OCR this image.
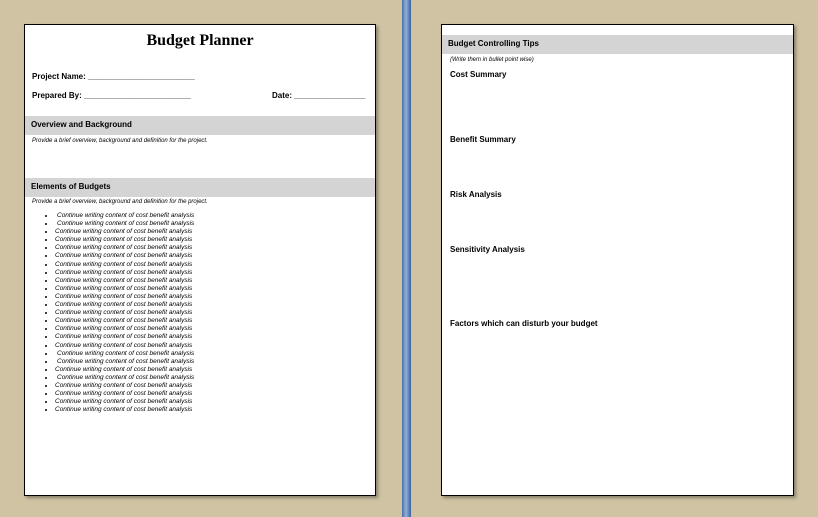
Budget Planner
Project Name: ________________________
Prepared By: ________________________	Date: ________________
Overview and Background
Provide a brief overview, background and definition for the project.
Elements of Budgets
Provide a brief overview, background and definition for the project.
• Continue writing content of cost benefit analysis
• Continue writing content of cost benefit analysis
• Continue writing content of cost benefit analysis
• Continue writing content of cost benefit analysis
• Continue writing content of cost benefit analysis
• Continue writing content of cost benefit analysis
• Continue writing content of cost benefit analysis
• Continue writing content of cost benefit analysis
• Continue writing content of cost benefit analysis
• Continue writing content of cost benefit analysis
• Continue writing content of cost benefit analysis
• Continue writing content of cost benefit analysis
• Continue writing content of cost benefit analysis
• Continue writing content of cost benefit analysis
• Continue writing content of cost benefit analysis
• Continue writing content of cost benefit analysis
• Continue writing content of cost benefit analysis
• Continue writing content of cost benefit analysis
• Continue writing content of cost benefit analysis
• Continue writing content of cost benefit analysis
• Continue writing content of cost benefit analysis
• Continue writing content of cost benefit analysis
• Continue writing content of cost benefit analysis
• Continue writing content of cost benefit analysis
• Continue writing content of cost benefit analysis
Budget Controlling Tips
(Write them in bullet point wise)
Cost Summary
Benefit Summary
Risk Analysis
Sensitivity Analysis
Factors which can disturb your budget
